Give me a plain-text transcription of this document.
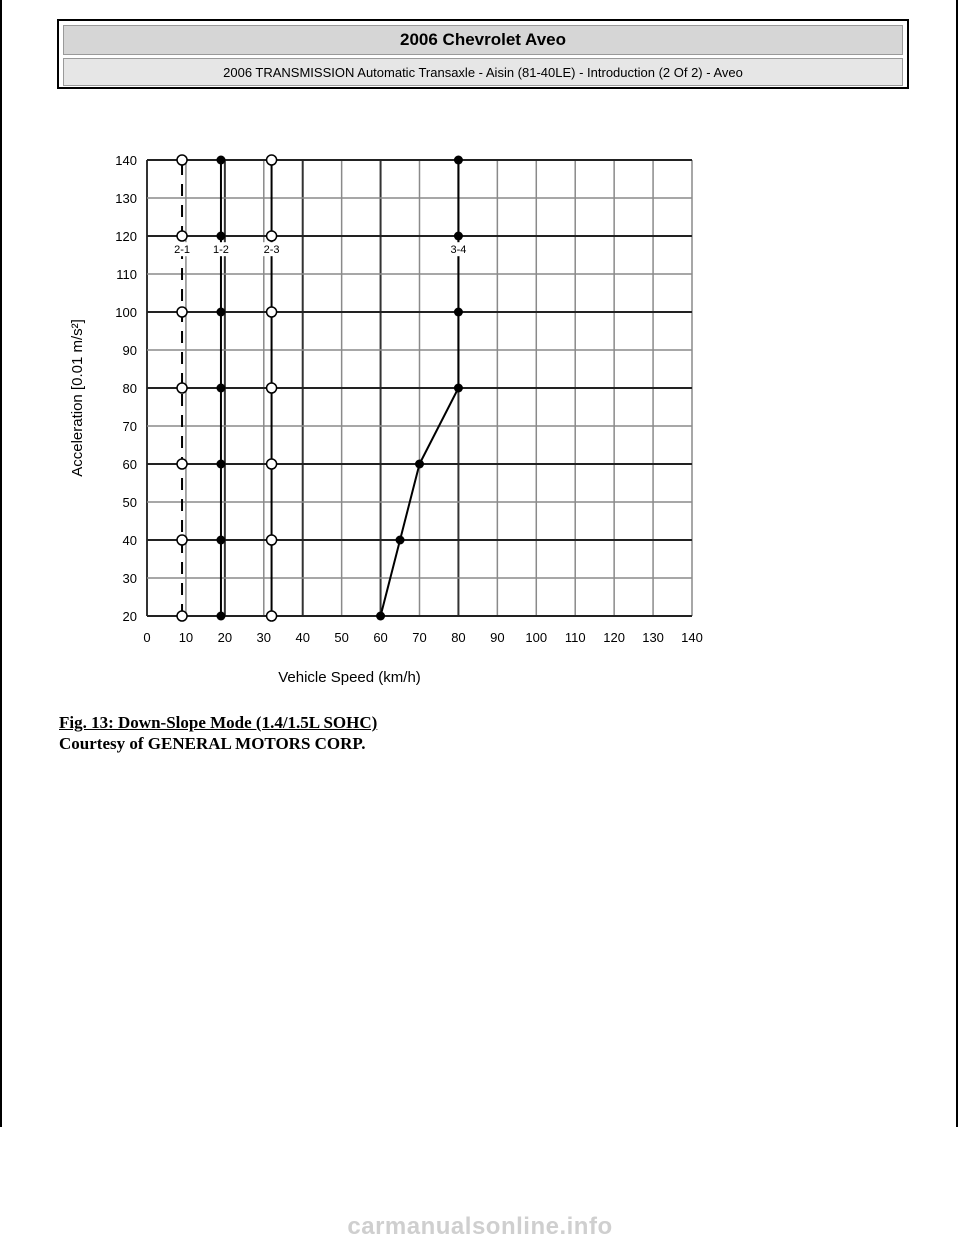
2006 Chevrolet Aveo
2006 TRANSMISSION Automatic Transaxle - Aisin (81-40LE) - Introduction (2 Of 2) - Aveo
0 10 20 30 40 50 60 70 80 90 100 110 120 130 140
20
30
40
50
60
70
80
90
100
110
120
130
140
Vehicle Speed (km/h)
Acceleration [0.01 m/s²]
2-1 1-2	2-3	3-4
Fig. 13: Down-Slope Mode (1.4/1.5L SOHC)
Courtesy of GENERAL MOTORS CORP.
carmanualsonline.info
